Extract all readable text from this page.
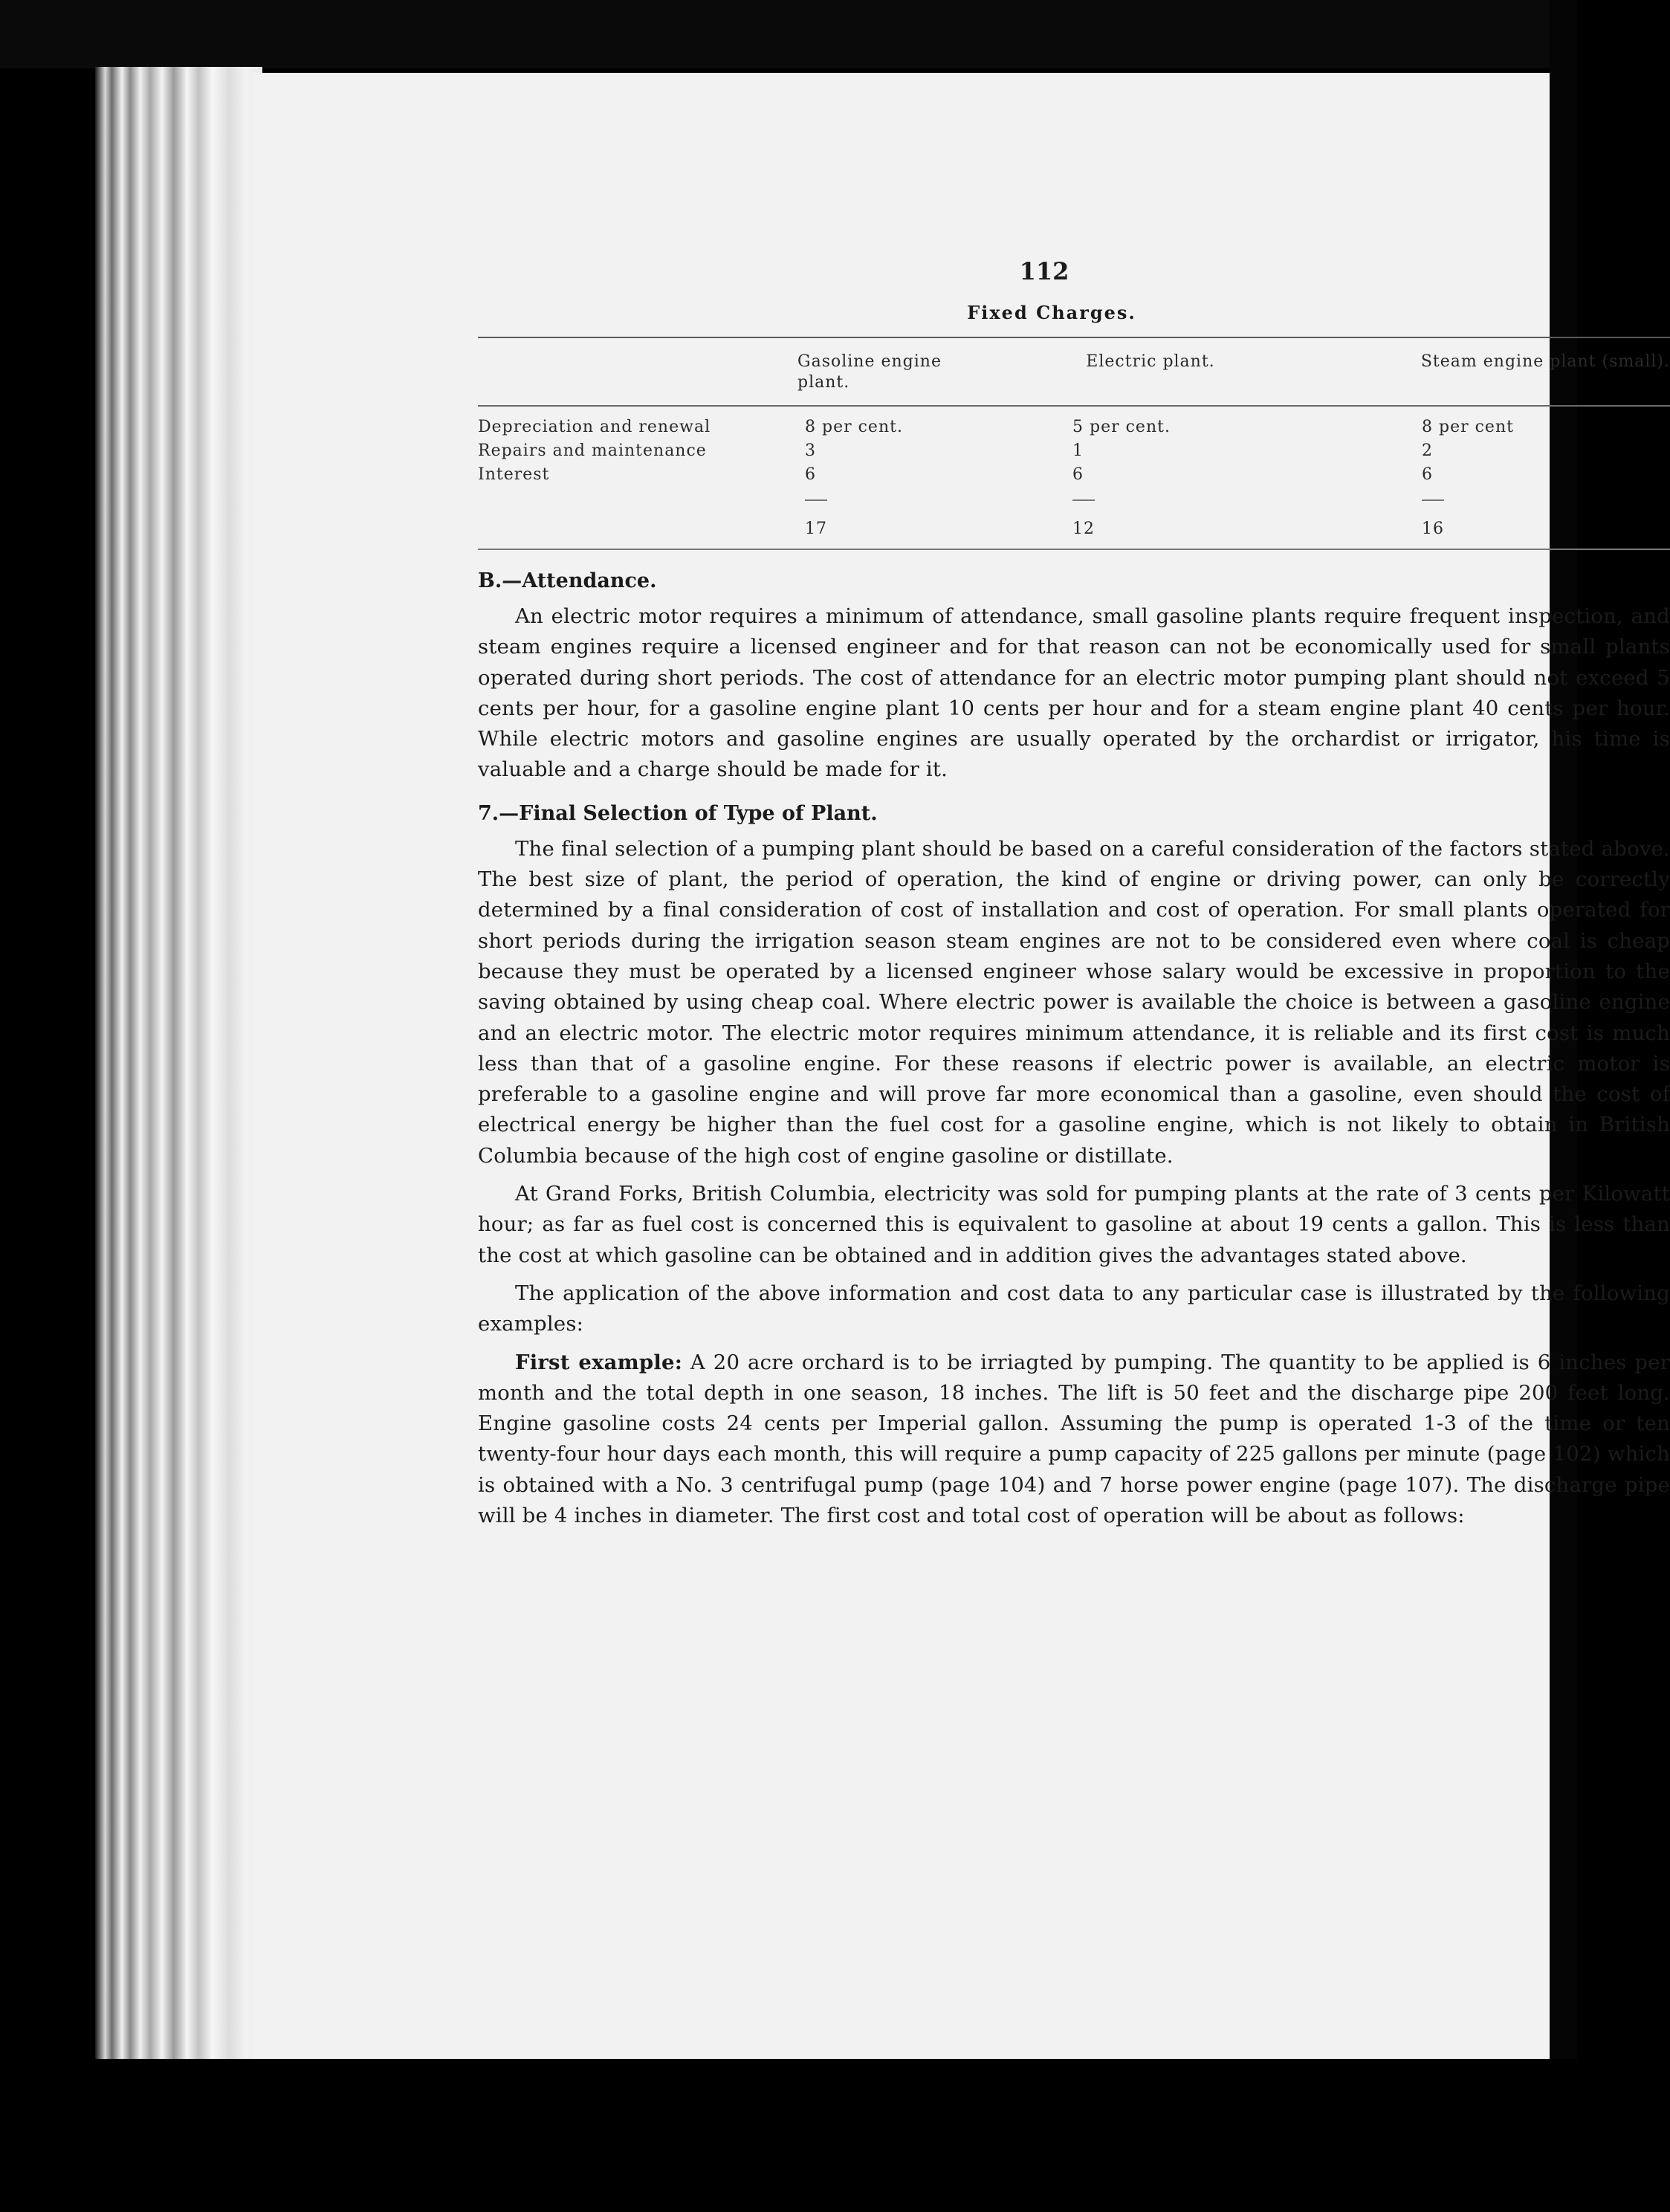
112
Fixed Charges.
	Gasoline engine plant.	Electric plant.	Steam engine plant (small).
Depreciation and renewal	8 per cent.	5 per cent.	8 per cent
Repairs and maintenance	3	1	2
Interest	6	6	6

	17	12	16
B.—Attendance.

An electric motor requires a minimum of attendance, small gasoline plants require frequent inspection, and steam engines require a licensed engineer and for that reason can not be economically used for small plants operated during short periods. The cost of attendance for an electric motor pumping plant should not exceed 5 cents per hour, for a gasoline engine plant 10 cents per hour and for a steam engine plant 40 cents per hour. While electric motors and gasoline engines are usually operated by the orchardist or irrigator, his time is valuable and a charge should be made for it.

7.—Final Selection of Type of Plant.

The final selection of a pumping plant should be based on a careful consideration of the factors stated above. The best size of plant, the period of operation, the kind of engine or driving power, can only be correctly determined by a final consideration of cost of installation and cost of operation. For small plants operated for short periods during the irrigation season steam engines are not to be considered even where coal is cheap because they must be operated by a licensed engineer whose salary would be excessive in proportion to the saving obtained by using cheap coal. Where electric power is available the choice is between a gasoline engine and an electric motor. The electric motor requires minimum attendance, it is reliable and its first cost is much less than that of a gasoline engine. For these reasons if electric power is available, an electric motor is preferable to a gasoline engine and will prove far more economical than a gasoline, even should the cost of electrical energy be higher than the fuel cost for a gasoline engine, which is not likely to obtain in British Columbia because of the high cost of engine gasoline or distillate.

At Grand Forks, British Columbia, electricity was sold for pumping plants at the rate of 3 cents per Kilowatt hour; as far as fuel cost is concerned this is equivalent to gasoline at about 19 cents a gallon. This is less than the cost at which gasoline can be obtained and in addition gives the advantages stated above.

The application of the above information and cost data to any particular case is illustrated by the following examples:

First example: A 20 acre orchard is to be irriagted by pumping. The quantity to be applied is 6 inches per month and the total depth in one season, 18 inches. The lift is 50 feet and the discharge pipe 200 feet long. Engine gasoline costs 24 cents per Imperial gallon. Assuming the pump is operated 1-3 of the time or ten twenty-four hour days each month, this will require a pump capacity of 225 gallons per minute (page 102) which is obtained with a No. 3 centrifugal pump (page 104) and 7 horse power engine (page 107). The discharge pipe will be 4 inches in diameter. The first cost and total cost of operation will be about as follows:
